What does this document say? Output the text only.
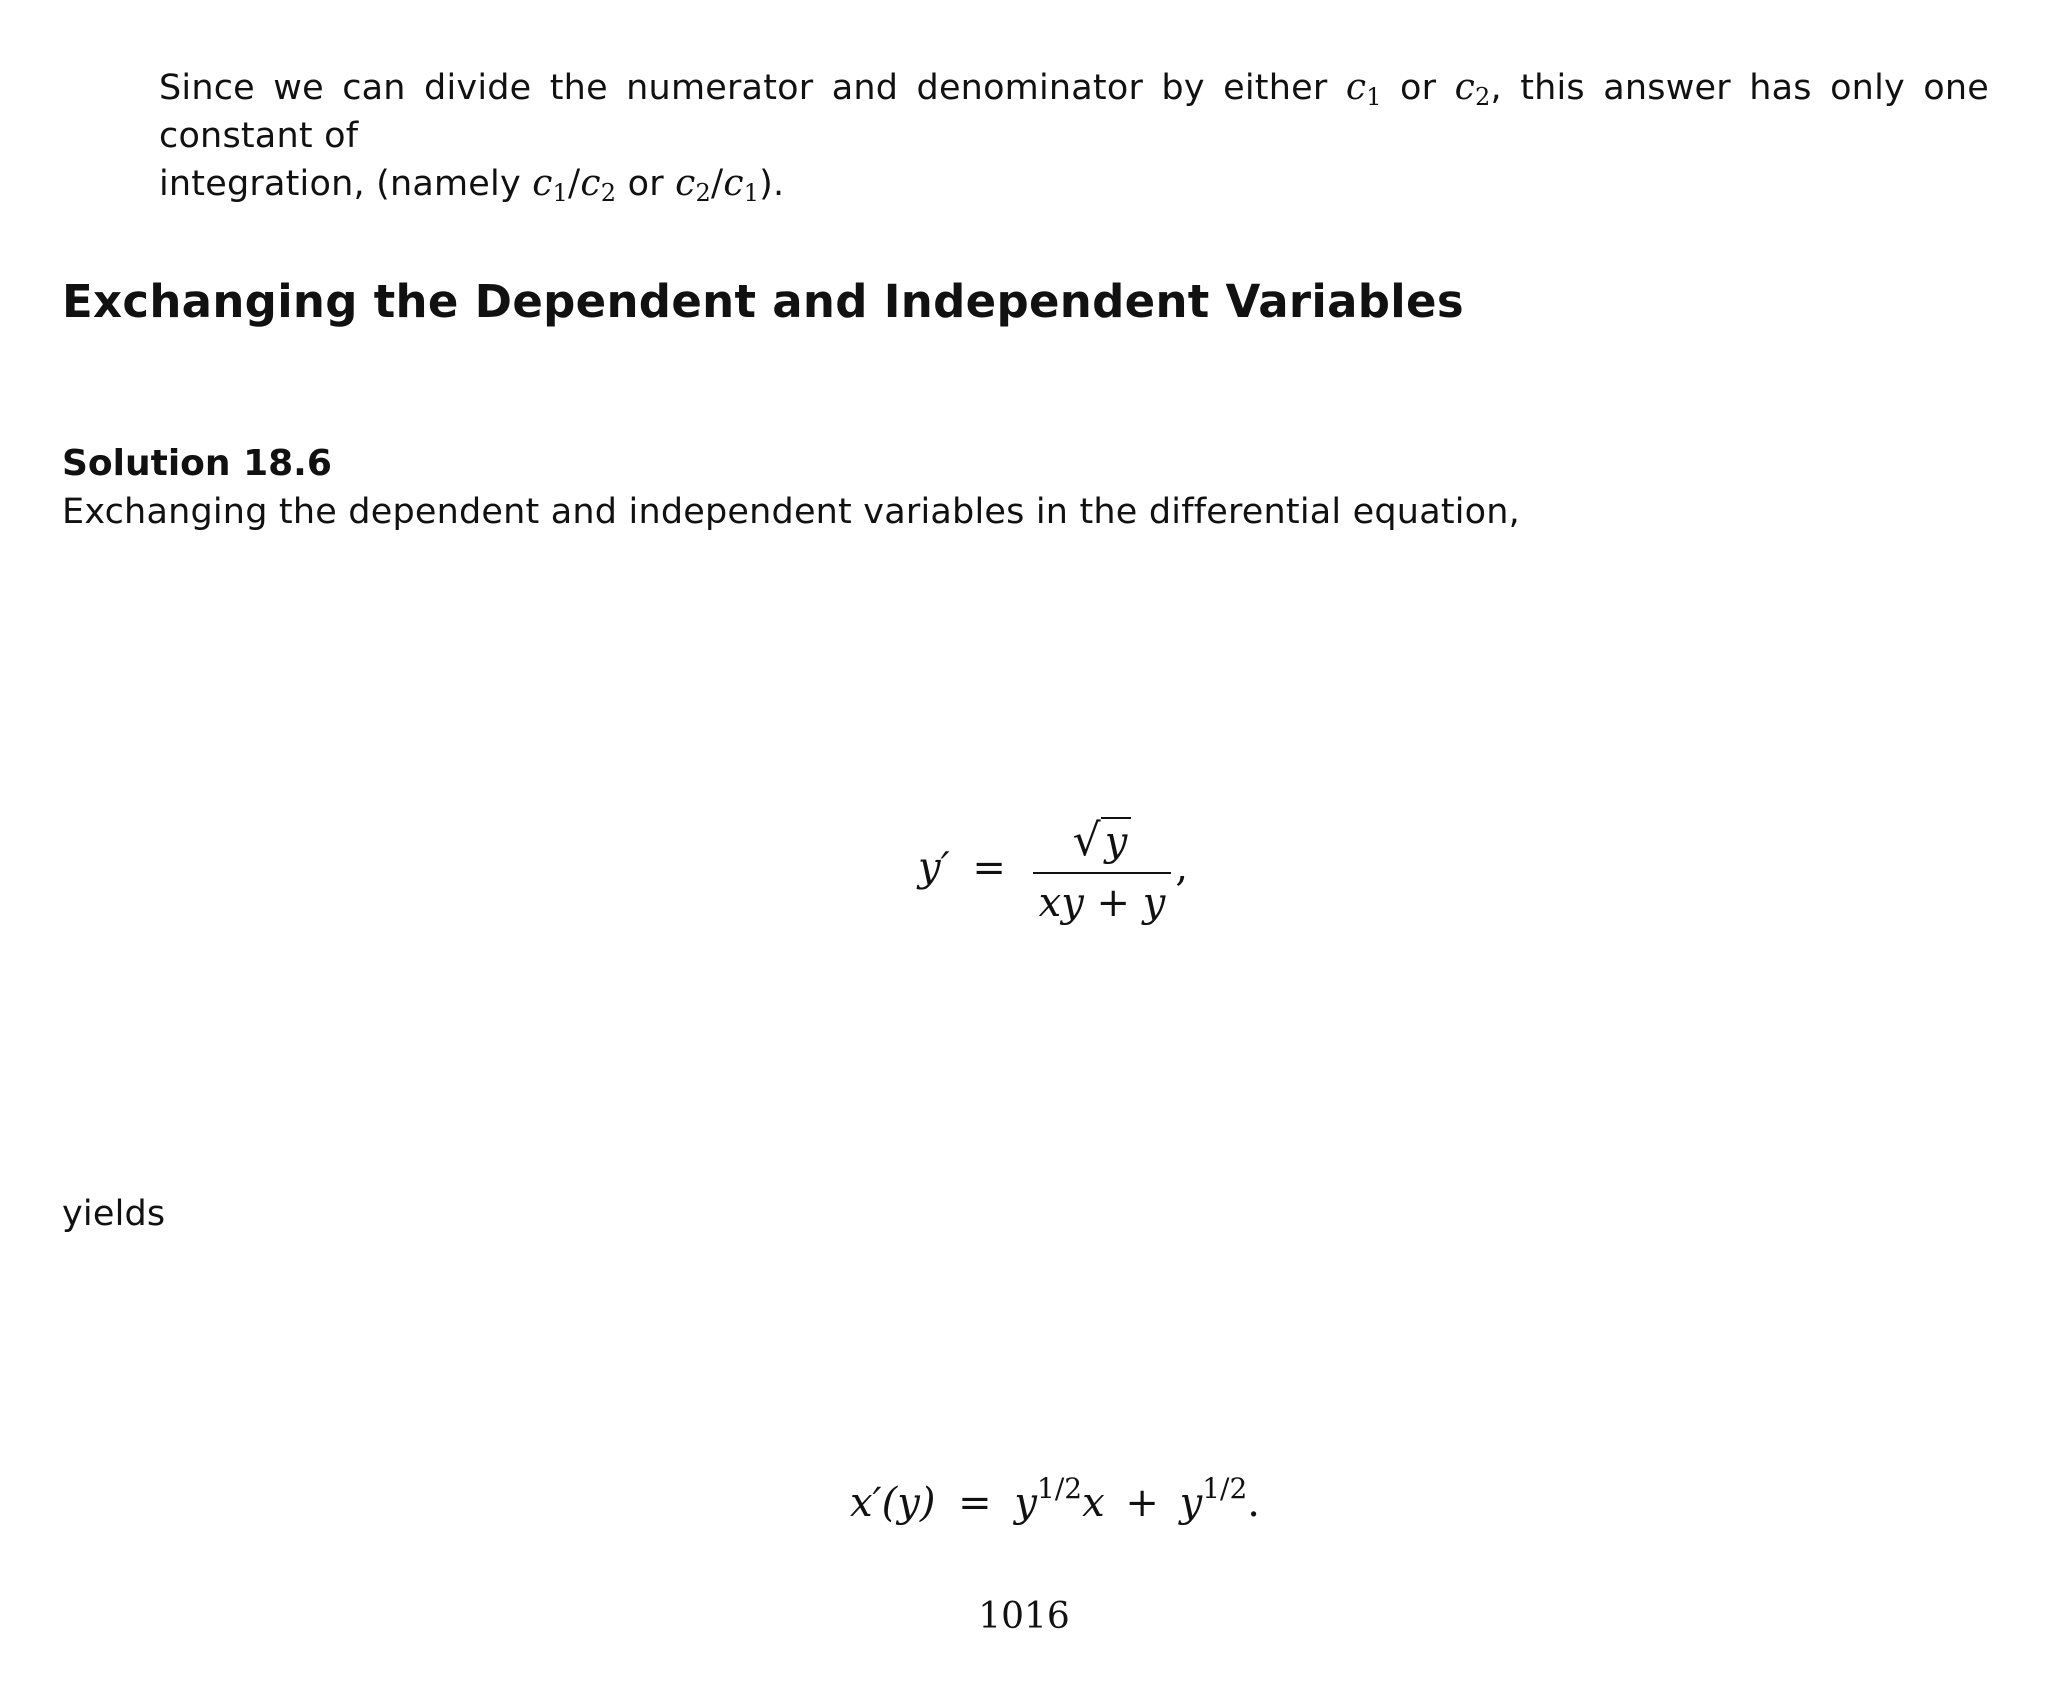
Since we can divide the numerator and denominator by either $c_1$ or $c_2$, this answer has only one constant of
integration, (namely $c_1/c_2$ or $c_2/c_1$).
Exchanging the Dependent and Independent Variables
Solution 18.6
Exchanging the dependent and independent variables in the differential equation,
$y' = \frac{√ y}{xy + y}$ ,
yields
$x'(y) = y^{1/2}x + y^{1/2}$.
1016
